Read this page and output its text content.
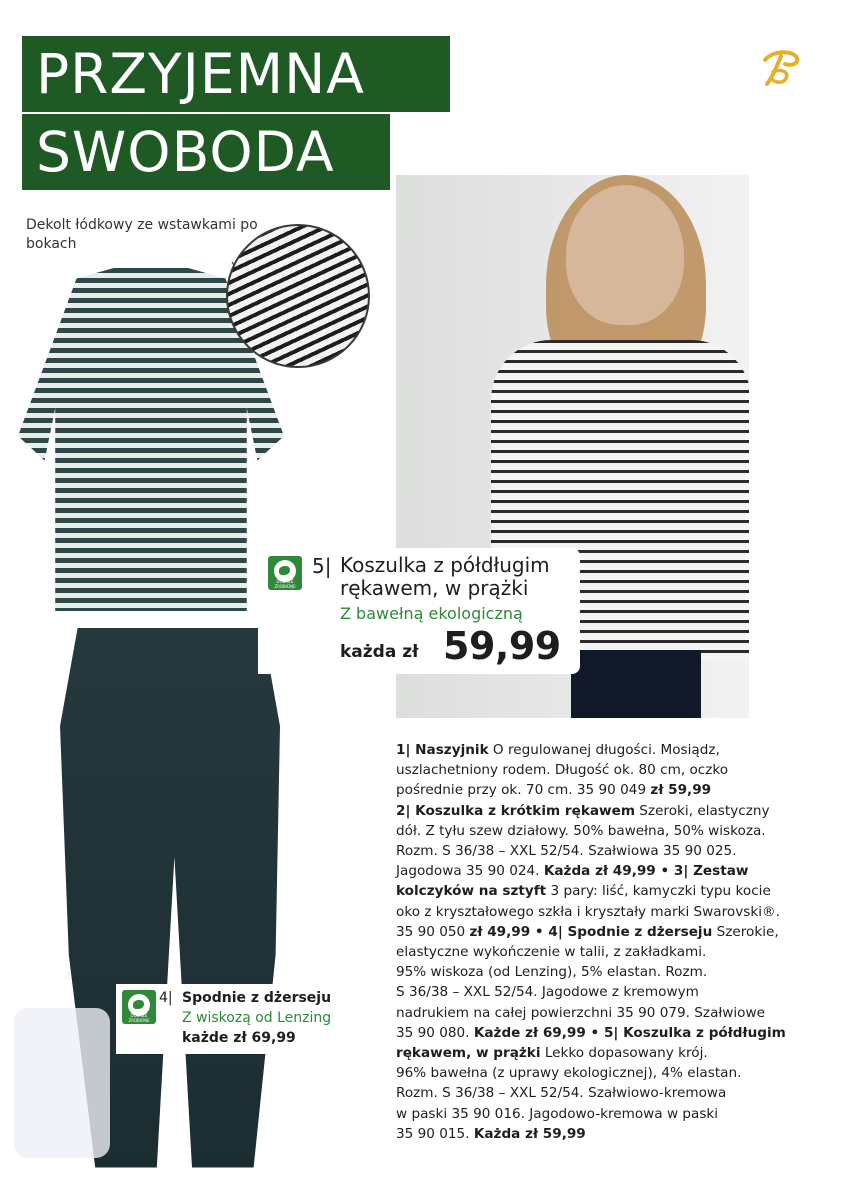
PRZYJEMNA
SWOBODA
Dekolt łódkowy ze wstawkami po bokach
DOBRZE ZROBIONE
5| Koszulka z półdługim
rękawem, w prążki
Z bawełną ekologiczną
każda zł 59,99
DOBRZE ZROBIONE
4| Spodnie z dżerseju
Z wiskozą od Lenzing
każde zł 69,99
1| Naszyjnik O regulowanej długości. Mosiądz,
uszlachetniony rodem. Długość ok. 80 cm, oczko
pośrednie przy ok. 70 cm. 35 90 049 zł 59,99
2| Koszulka z krótkim rękawem Szeroki, elastyczny
dół. Z tyłu szew działowy. 50% bawełna, 50% wiskoza.
Rozm. S 36/38 – XXL 52/54. Szałwiowa 35 90 025.
Jagodowa 35 90 024. Każda zł 49,99 • 3| Zestaw
kolczyków na sztyft 3 pary: liść, kamyczki typu kocie
oko z kryształowego szkła i kryształy marki Swarovski®.
35 90 050 zł 49,99 • 4| Spodnie z dżerseju Szerokie,
elastyczne wykończenie w talii, z zakładkami.
95% wiskoza (od Lenzing), 5% elastan. Rozm.
S 36/38 – XXL 52/54. Jagodowe z kremowym
nadrukiem na całej powierzchni 35 90 079. Szałwiowe
35 90 080. Każde zł 69,99 • 5| Koszulka z półdługim
rękawem, w prążki Lekko dopasowany krój.
96% bawełna (z uprawy ekologicznej), 4% elastan.
Rozm. S 36/38 – XXL 52/54. Szałwiowo-kremowa
w paski 35 90 016. Jagodowo-kremowa w paski
35 90 015. Każda zł 59,99
